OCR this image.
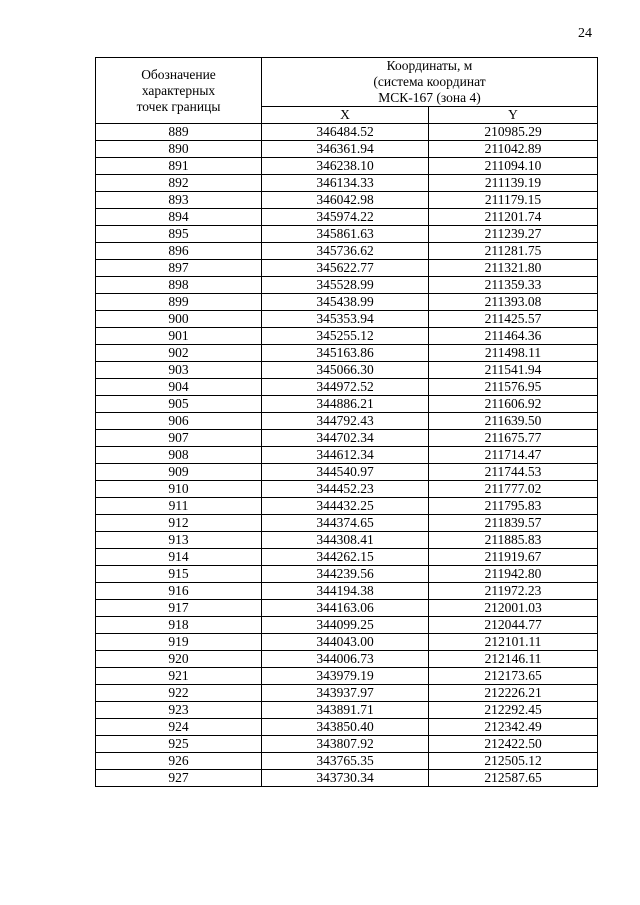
24
Обозначение
характерных
точек границы	Координаты, м
(система координат
МСК-167 (зона 4)	

	X	Y
889	346484.52	210985.29
890	346361.94	211042.89
891	346238.10	211094.10
892	346134.33	211139.19
893	346042.98	211179.15
894	345974.22	211201.74
895	345861.63	211239.27
896	345736.62	211281.75
897	345622.77	211321.80
898	345528.99	211359.33
899	345438.99	211393.08
900	345353.94	211425.57
901	345255.12	211464.36
902	345163.86	211498.11
903	345066.30	211541.94
904	344972.52	211576.95
905	344886.21	211606.92
906	344792.43	211639.50
907	344702.34	211675.77
908	344612.34	211714.47
909	344540.97	211744.53
910	344452.23	211777.02
911	344432.25	211795.83
912	344374.65	211839.57
913	344308.41	211885.83
914	344262.15	211919.67
915	344239.56	211942.80
916	344194.38	211972.23
917	344163.06	212001.03
918	344099.25	212044.77
919	344043.00	212101.11
920	344006.73	212146.11
921	343979.19	212173.65
922	343937.97	212226.21
923	343891.71	212292.45
924	343850.40	212342.49
925	343807.92	212422.50
926	343765.35	212505.12
927	343730.34	212587.65
